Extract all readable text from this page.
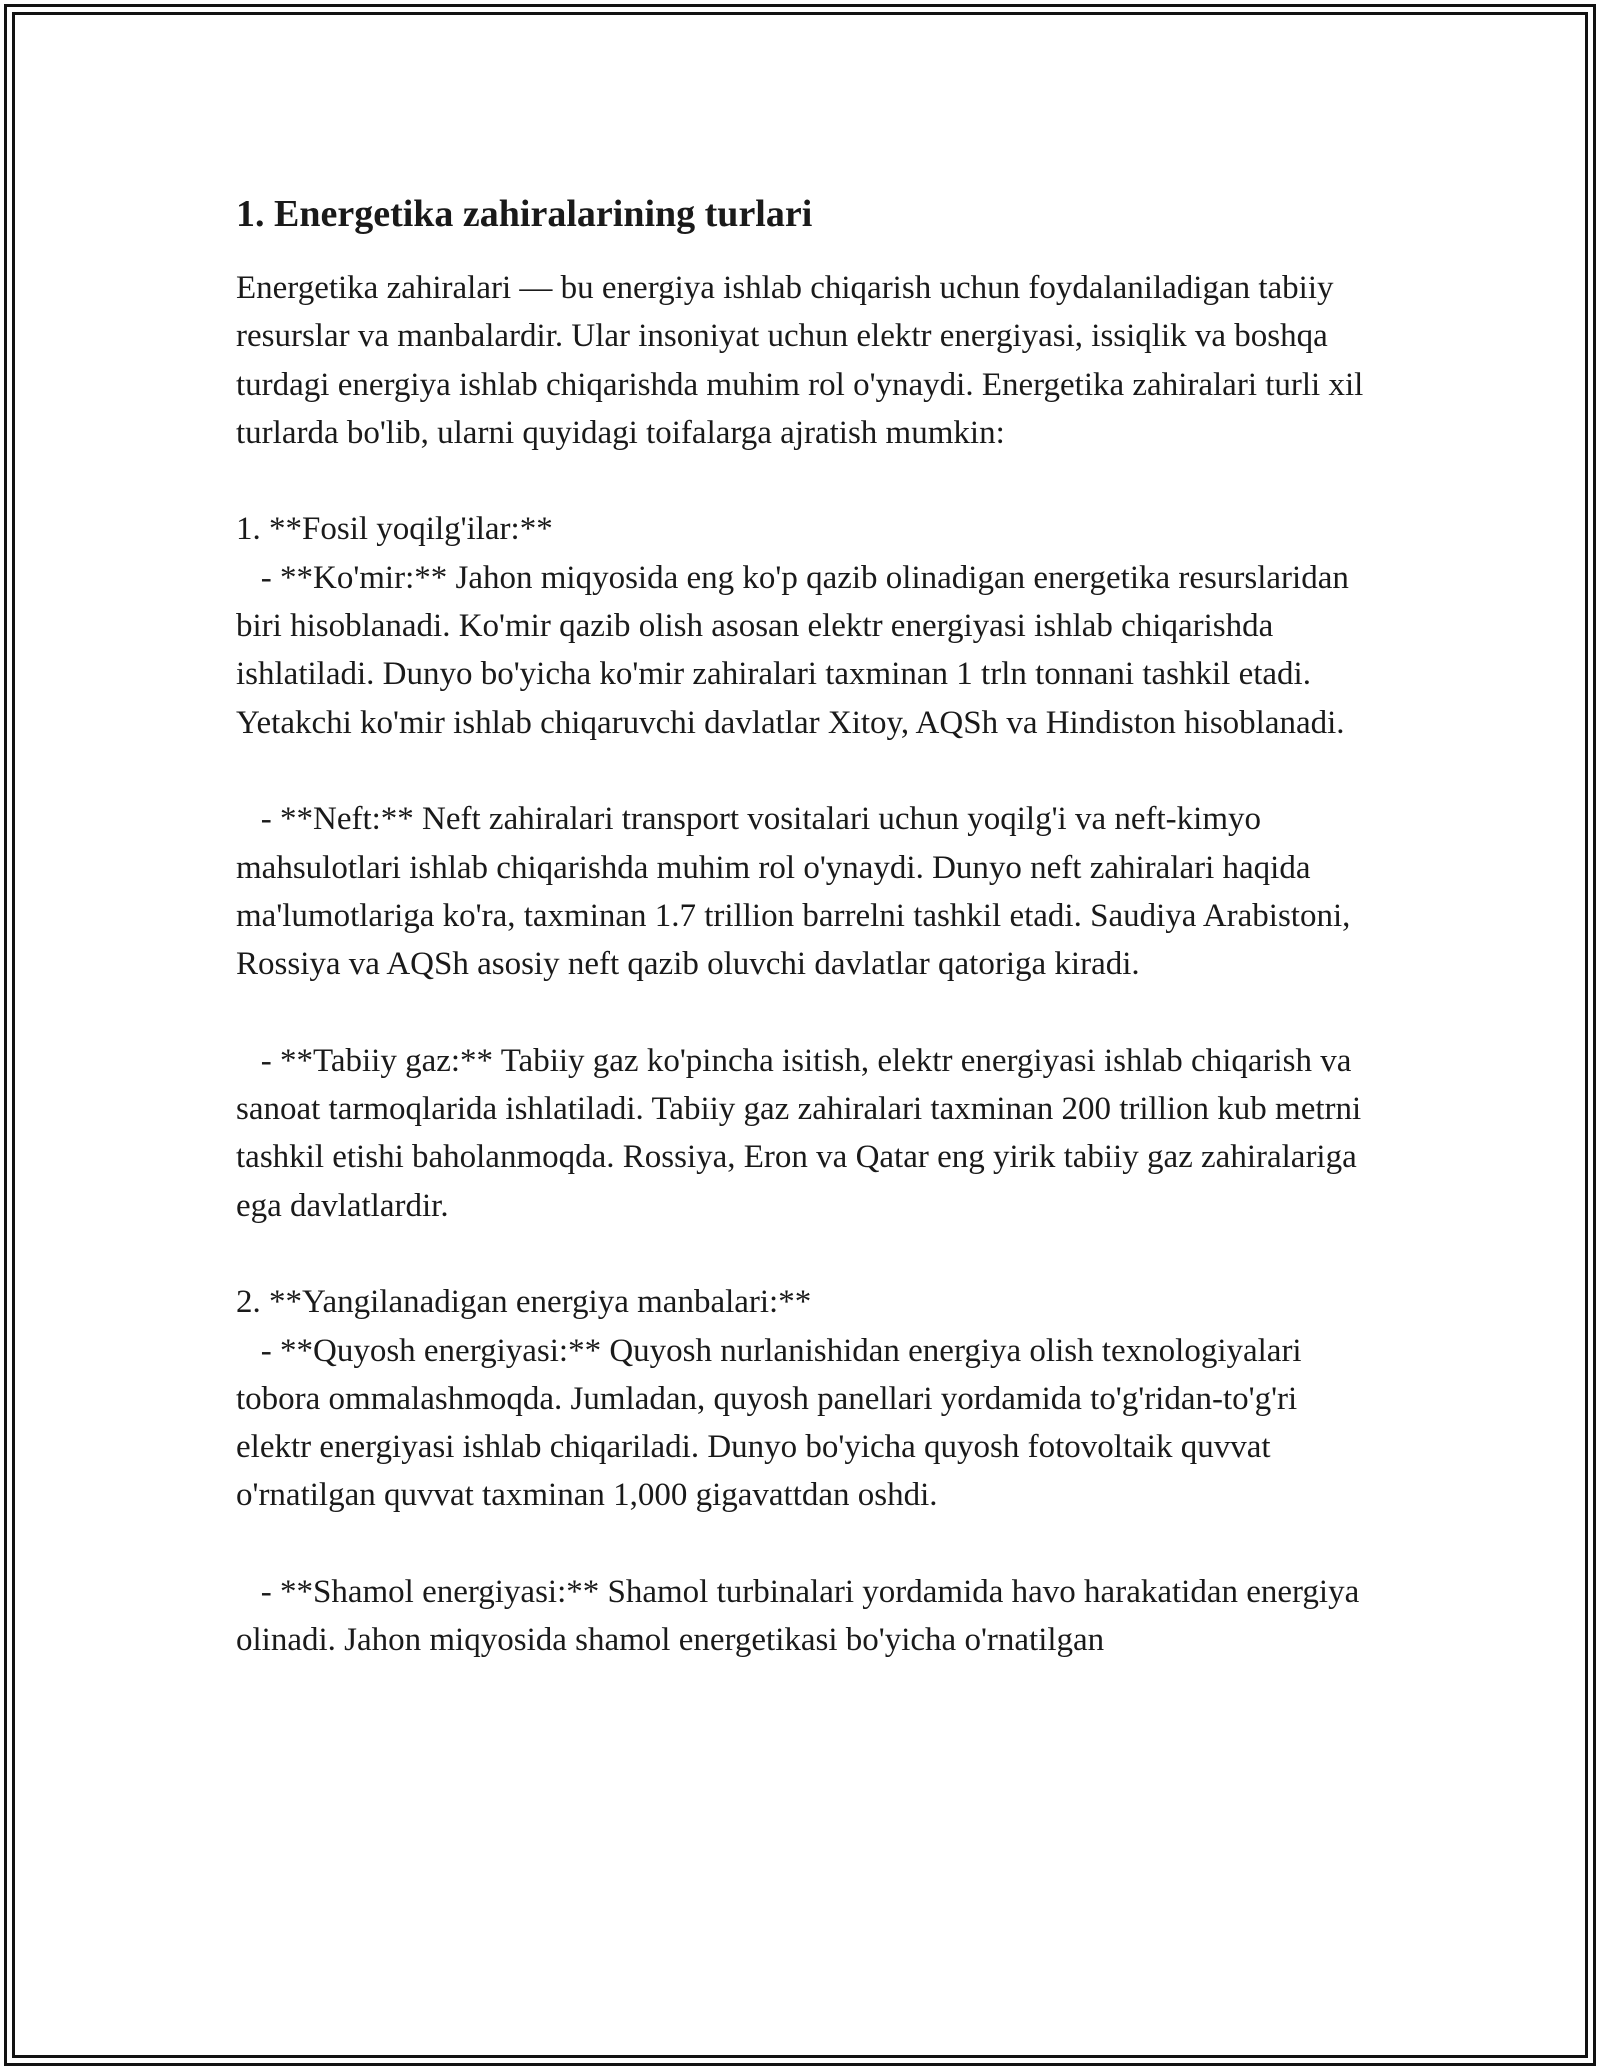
1. Energetika zahiralarining turlari

Energetika zahiralari — bu energiya ishlab chiqarish uchun foydalaniladigan tabiiy resurslar va manbalardir. Ular insoniyat uchun elektr energiyasi, issiqlik va boshqa turdagi energiya ishlab chiqarishda muhim rol o'ynaydi. Energetika zahiralari turli xil turlarda bo'lib, ularni quyidagi toifalarga ajratish mumkin:

1. **Fosil yoqilg'ilar:**
- **Ko'mir:** Jahon miqyosida eng ko'p qazib olinadigan energetika resurslaridan biri hisoblanadi. Ko'mir qazib olish asosan elektr energiyasi ishlab chiqarishda ishlatiladi. Dunyo bo'yicha ko'mir zahiralari taxminan 1 trln tonnani tashkil etadi. Yetakchi ko'mir ishlab chiqaruvchi davlatlar Xitoy, AQSh va Hindiston hisoblanadi.

- **Neft:** Neft zahiralari transport vositalari uchun yoqilg'i va neft-kimyo mahsulotlari ishlab chiqarishda muhim rol o'ynaydi. Dunyo neft zahiralari haqida ma'lumotlariga ko'ra, taxminan 1.7 trillion barrelni tashkil etadi. Saudiya Arabistoni, Rossiya va AQSh asosiy neft qazib oluvchi davlatlar qatoriga kiradi.

- **Tabiiy gaz:** Tabiiy gaz ko'pincha isitish, elektr energiyasi ishlab chiqarish va sanoat tarmoqlarida ishlatiladi. Tabiiy gaz zahiralari taxminan 200 trillion kub metrni tashkil etishi baholanmoqda. Rossiya, Eron va Qatar eng yirik tabiiy gaz zahiralariga ega davlatlardir.

2. **Yangilanadigan energiya manbalari:**
- **Quyosh energiyasi:** Quyosh nurlanishidan energiya olish texnologiyalari tobora ommalashmoqda. Jumladan, quyosh panellari yordamida to'g'ridan-to'g'ri elektr energiyasi ishlab chiqariladi. Dunyo bo'yicha quyosh fotovoltaik quvvat o'rnatilgan quvvat taxminan 1,000 gigavattdan oshdi.

- **Shamol energiyasi:** Shamol turbinalari yordamida havo harakatidan energiya olinadi. Jahon miqyosida shamol energetikasi bo'yicha o'rnatilgan
